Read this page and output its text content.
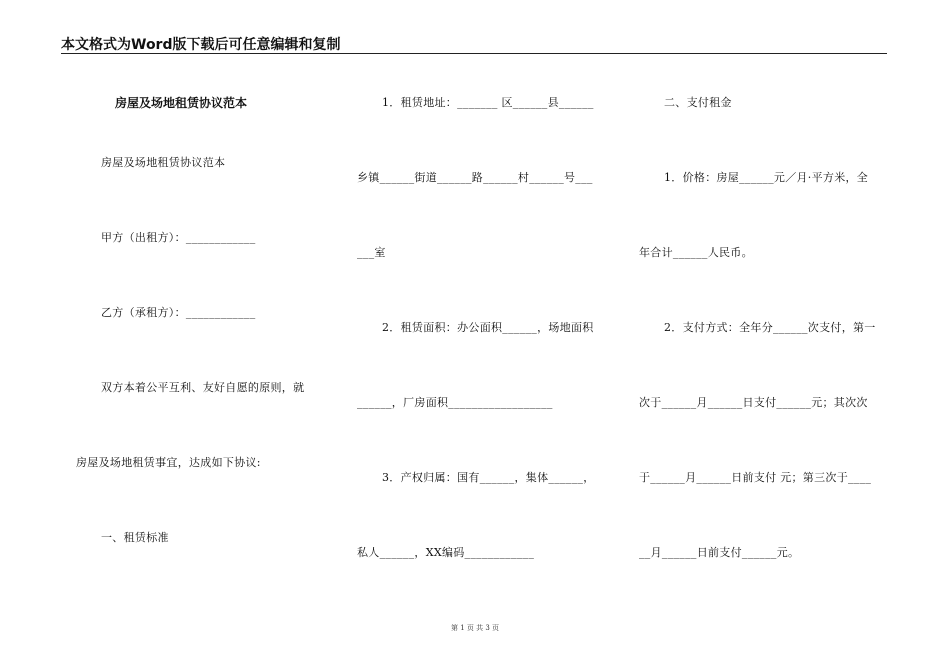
本文格式为Word版下载后可任意编辑和复制
房屋及场地租赁协议范本
房屋及场地租赁协议范本
甲方（出租方）：____________
乙方（承租方）：____________
双方本着公平互利、友好自愿的原则，就
房屋及场地租赁事宜，达成如下协议:
一、租赁标准
1．租赁地址：_______ 区______县______
乡镇______街道______路______村______号___
___室
2．租赁面积：办公面积______，场地面积
______，厂房面积__________________
3．产权归属：国有______，集体______，
私人______，XX编码____________
二、支付租金
1．价格：房屋______元／月·平方米，全
年合计______人民币。
2．支付方式：全年分______次支付，第一
次于______月______日支付______元；其次次
于______月______日前支付 元；第三次于____
__月______日前支付______元。
第 1 页 共 3 页
